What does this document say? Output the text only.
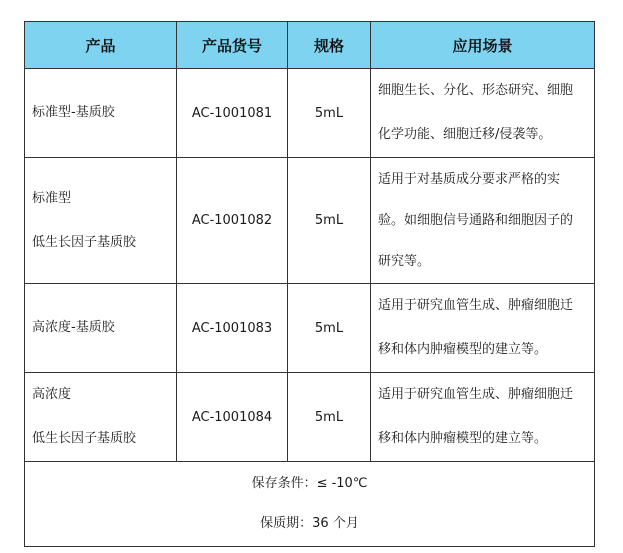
产品	产品货号	规格	应用场景

标准型-基质胶	AC-1001081	5mL	细胞生长、分化、形态研究、细胞
化学功能、细胞迁移/侵袭等。

标准型
低生长因子基质胶	AC-1001082	5mL	适用于对基质成分要求严格的实
验。如细胞信号通路和细胞因子的
研究等。

高浓度-基质胶	AC-1001083	5mL	适用于研究血管生成、肿瘤细胞迁
移和体内肿瘤模型的建立等。

高浓度
低生长因子基质胶	AC-1001084	5mL	适用于研究血管生成、肿瘤细胞迁
移和体内肿瘤模型的建立等。

保存条件：≤ -10℃
保质期：36 个月			
